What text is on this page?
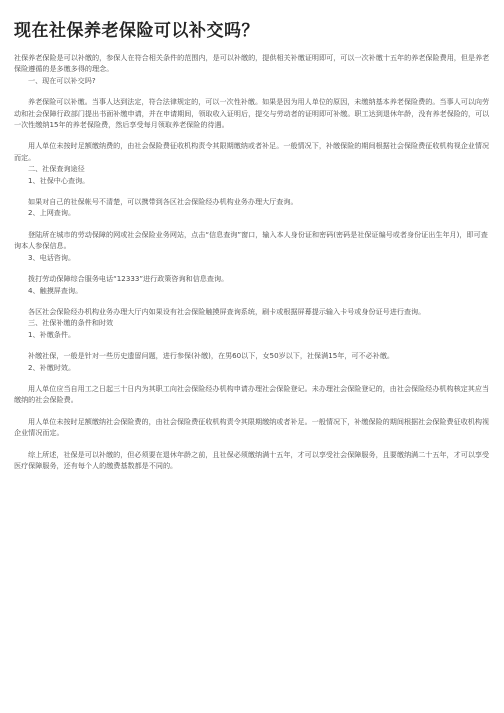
现在社保养老保险可以补交吗？

社保养老保险是可以补缴的，参保人在符合相关条件的范围内，是可以补缴的，提供相关补缴证明即可，可以一次补缴十五年的养老保险费用，但是养老保险遵循的是多缴多得的理念。

一、现在可以补交吗?

养老保险可以补缴。当事人达到法定，符合法律规定的，可以一次性补缴。如果是因为用人单位的原因，未缴纳基本养老保险费的。当事人可以向劳动和社会保障行政部门提出书面补缴申请，并在申请期间，领取收入证明后，提交与劳动者的证明即可补缴。职工达到退休年龄，没有养老保险的，可以一次性缴纳15年的养老保险费，然后享受每月领取养老保险的待遇。

用人单位未按时足额缴纳费的，由社会保险费征收机构责令其限期缴纳或者补足。一般情况下，补缴保险的期间根据社会保险费征收机构视企业情况而定。

二、社保查询途径

1、社保中心查询。

如果对自己的社保帐号不清楚，可以携带到各区社会保险经办机构业务办理大厅查询。

2、上网查询。

登陆所在城市的劳动保障的网或社会保险业务网站，点击“信息查询”窗口，输入本人身份证和密码(密码是社保证编号或者身份证出生年月)，即可查询本人参保信息。

3、电话咨询。

拨打劳动保障综合服务电话“12333”进行政策咨询和信息查询。

4、触摸屏查询。

各区社会保险经办机构业务办理大厅内如果设有社会保险触摸屏查询系统，刷卡或根据屏幕提示输入卡号或身份证号进行查询。

三、社保补缴的条件和时效

1、补缴条件。

补缴社保，一般是针对一些历史遗留问题，进行参保(补缴)，在男60以下，女50岁以下，社保满15年，可不必补缴。

2、补缴时效。

用人单位应当自用工之日起三十日内为其职工向社会保险经办机构申请办理社会保险登记。未办理社会保险登记的，由社会保险经办机构核定其应当缴纳的社会保险费。

用人单位未按时足额缴纳社会保险费的，由社会保险费征收机构责令其限期缴纳或者补足。一般情况下，补缴保险的期间根据社会保险费征收机构视企业情况而定。

综上所述，社保是可以补缴的，但必须要在退休年龄之前，且社保必须缴纳满十五年，才可以享受社会保障服务，且要缴纳满二十五年，才可以享受医疗保障服务，还有每个人的缴费基数都是不同的。
